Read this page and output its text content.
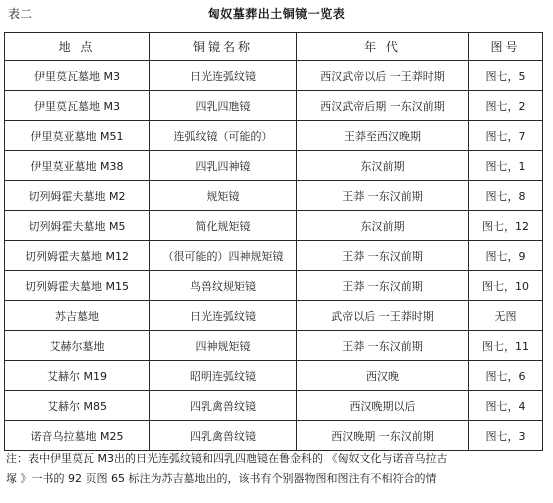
表二	匈奴墓葬出土铜镜一览表
地 点	铜镜名称	年 代	图号
伊里莫瓦墓地 M3	日光连弧纹镜	西汉武帝以后 一王莽时期	图七，5
伊里莫瓦墓地 M3	四乳四虺镜	西汉武帝后期 一东汉前期	图七，2
伊里莫亚墓地 M51	连弧纹镜（可能的）	王莽至西汉晚期	图七，7
伊里莫亚墓地 M38	四乳四神镜	东汉前期	图七，1
切列姆霍夫墓地 M2	规矩镜	王莽 一东汉前期	图七，8
切列姆霍夫墓地 M5	简化规矩镜	东汉前期	图七，12
切列姆霍夫墓地 M12	（很可能的）四神规矩镜	王莽 一东汉前期	图七，9
切列姆霍夫墓地 M15	鸟兽纹规矩镜	王莽 一东汉前期	图七，10
苏吉墓地	日光连弧纹镜	武帝以后 一王莽时期	无图
艾赫尔墓地	四神规矩镜	王莽 一东汉前期	图七，11
艾赫尔 M19	昭明连弧纹镜	西汉晚	图七，6
艾赫尔 M85	四乳禽兽纹镜	西汉晚期以后	图七，4
诺音乌拉墓地 M25	四乳禽兽纹镜	西汉晚期 一东汉前期	图七，3
注：表中伊里莫瓦 M3出的日光连弧纹镜和四乳四虺镜在鲁金科的 《匈奴文化与诺音乌拉古
塚 》一书的 92 页图 65 标注为苏吉墓地出的，该书有个别器物图和图注有不相符合的情
